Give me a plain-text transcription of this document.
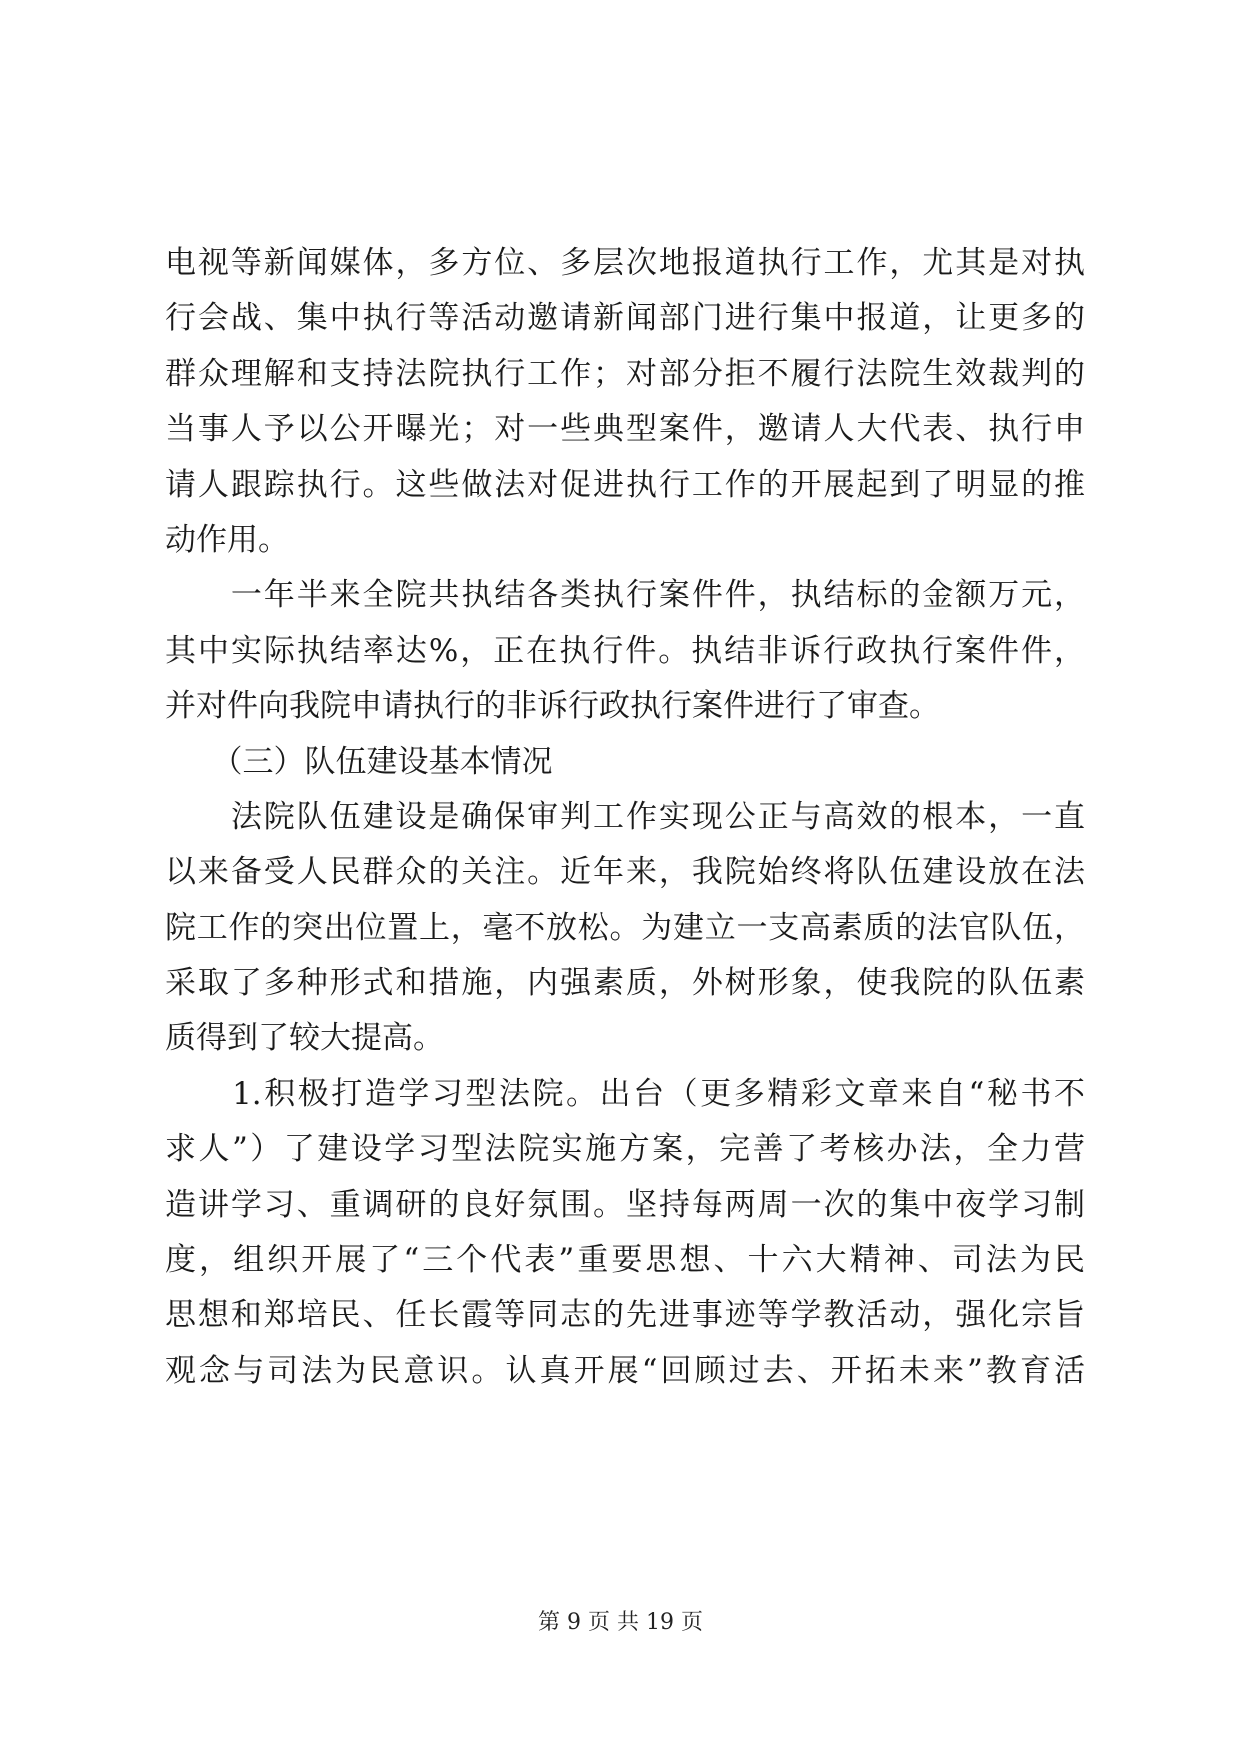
电视等新闻媒体，多方位、多层次地报道执行工作，尤其是对执
行会战、集中执行等活动邀请新闻部门进行集中报道，让更多的
群众理解和支持法院执行工作；对部分拒不履行法院生效裁判的
当事人予以公开曝光；对一些典型案件，邀请人大代表、执行申
请人跟踪执行。这些做法对促进执行工作的开展起到了明显的推
动作用。
　　一年半来全院共执结各类执行案件件，执结标的金额万元，
其中实际执结率达%，正在执行件。执结非诉行政执行案件件，
并对件向我院申请执行的非诉行政执行案件进行了审查。
　　（三）队伍建设基本情况
　　法院队伍建设是确保审判工作实现公正与高效的根本，一直
以来备受人民群众的关注。近年来，我院始终将队伍建设放在法
院工作的突出位置上，毫不放松。为建立一支高素质的法官队伍，
采取了多种形式和措施，内强素质，外树形象，使我院的队伍素
质得到了较大提高。
　　1.积极打造学习型法院。出台（更多精彩文章来自“秘书不
求人”）了建设学习型法院实施方案，完善了考核办法，全力营
造讲学习、重调研的良好氛围。坚持每两周一次的集中夜学习制
度，组织开展了“三个代表”重要思想、十六大精神、司法为民
思想和郑培民、任长霞等同志的先进事迹等学教活动，强化宗旨
观念与司法为民意识。认真开展“回顾过去、开拓未来”教育活
第 9 页 共 19 页
